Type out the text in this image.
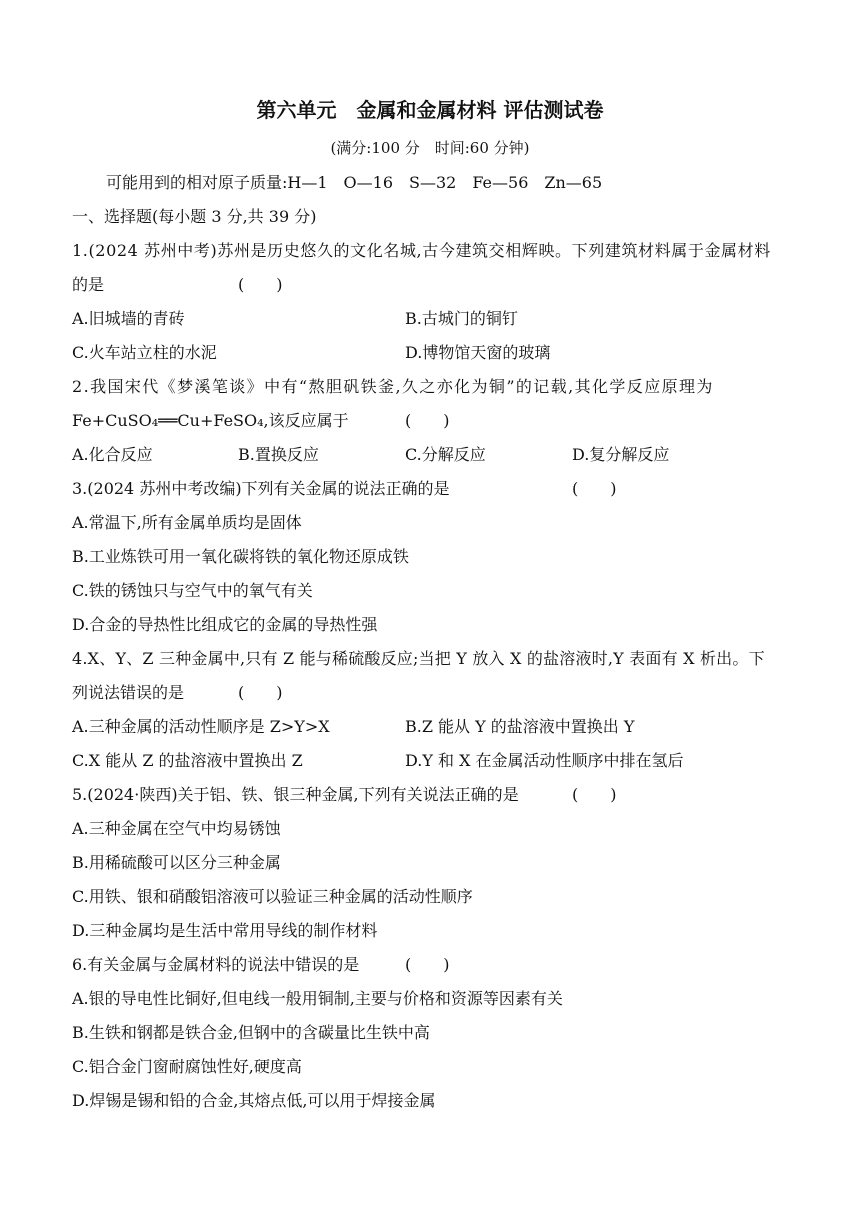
第六单元　金属和金属材料 评估测试卷
(满分:100 分　时间:60 分钟)
可能用到的相对原子质量:H—1　O—16　S—32　Fe—56　Zn—65
一、选择题(每小题 3 分,共 39 分)
1.(2024 苏州中考)苏州是历史悠久的文化名城,古今建筑交相辉映。下列建筑材料属于金属材料
的是	(　　)
A.旧城墙的青砖	B.古城门的铜钉
C.火车站立柱的水泥	D.博物馆天窗的玻璃
2.我国宋代《梦溪笔谈》中有“熬胆矾铁釜,久之亦化为铜”的记载,其化学反应原理为
Fe+CuSO₄══Cu+FeSO₄,该反应属于	(　　)
A.化合反应	B.置换反应	C.分解反应	D.复分解反应
3.(2024 苏州中考改编)下列有关金属的说法正确的是	(　　)
A.常温下,所有金属单质均是固体
B.工业炼铁可用一氧化碳将铁的氧化物还原成铁
C.铁的锈蚀只与空气中的氧气有关
D.合金的导热性比组成它的金属的导热性强
4.X、Y、Z 三种金属中,只有 Z 能与稀硫酸反应;当把 Y 放入 X 的盐溶液时,Y 表面有 X 析出。下
列说法错误的是	(　　)
A.三种金属的活动性顺序是 Z>Y>X	B.Z 能从 Y 的盐溶液中置换出 Y
C.X 能从 Z 的盐溶液中置换出 Z	D.Y 和 X 在金属活动性顺序中排在氢后
5.(2024·陕西)关于铝、铁、银三种金属,下列有关说法正确的是	(　　)
A.三种金属在空气中均易锈蚀
B.用稀硫酸可以区分三种金属
C.用铁、银和硝酸铝溶液可以验证三种金属的活动性顺序
D.三种金属均是生活中常用导线的制作材料
6.有关金属与金属材料的说法中错误的是	(　　)
A.银的导电性比铜好,但电线一般用铜制,主要与价格和资源等因素有关
B.生铁和钢都是铁合金,但钢中的含碳量比生铁中高
C.铝合金门窗耐腐蚀性好,硬度高
D.焊锡是锡和铅的合金,其熔点低,可以用于焊接金属
